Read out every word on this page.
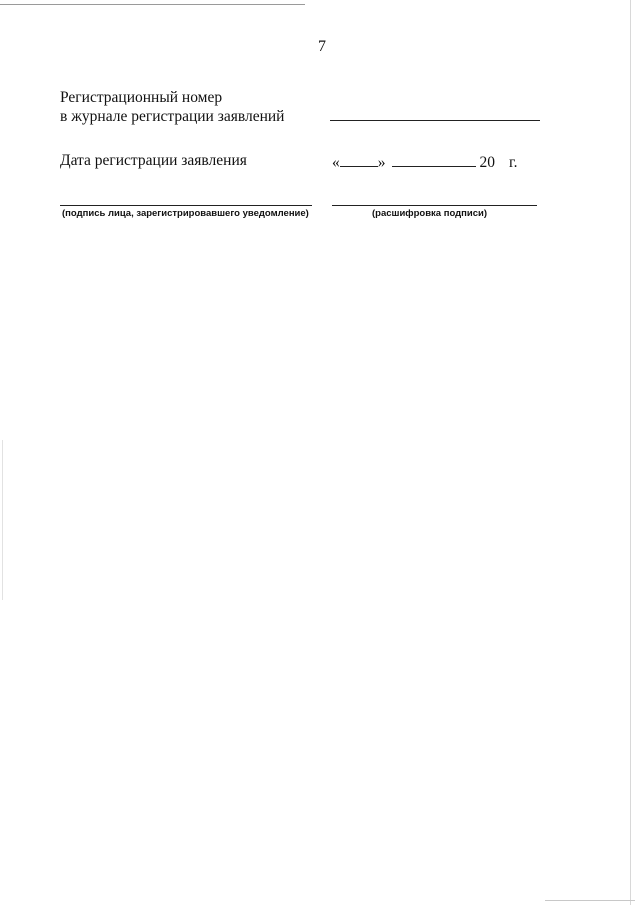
7
Регистрационный номер
в журнале регистрации заявлений
Дата регистрации заявления	« »	20 г.
(подпись лица, зарегистрировавшего уведомление)	(расшифровка подписи)
